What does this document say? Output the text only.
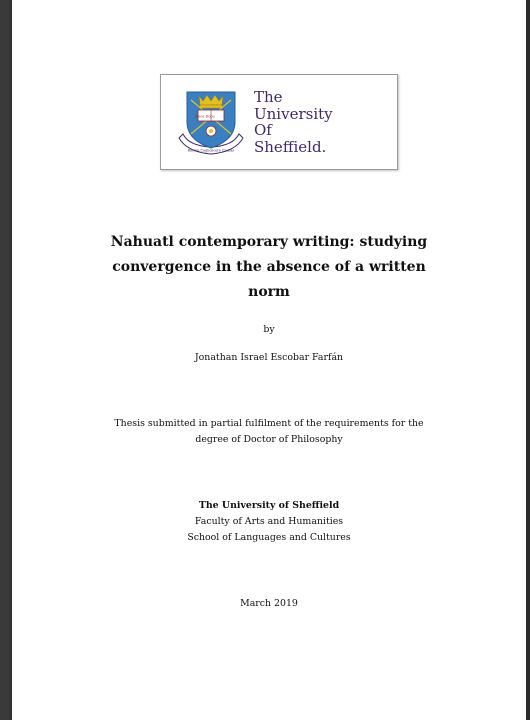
Disce Doce
Rerum Cognoscere Causas
The
University
Of
Sheffield.
Nahuatl contemporary writing: studying
convergence in the absence of a written
norm
by
Jonathan Israel Escobar Farfán
Thesis submitted in partial fulfilment of the requirements for the
degree of Doctor of Philosophy
The University of Sheffield
Faculty of Arts and Humanities
School of Languages and Cultures
March 2019
